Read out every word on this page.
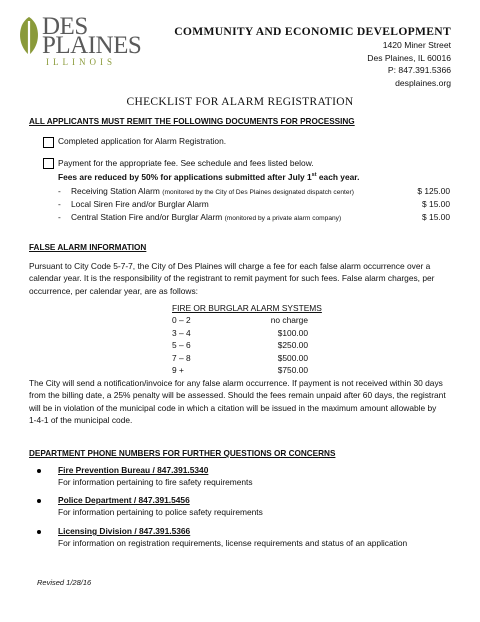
DES
PLAINES
ILLINOIS
COMMUNITY AND ECONOMIC DEVELOPMENT
1420 Miner Street
Des Plaines, IL 60016
P: 847.391.5366
desplaines.org
CHECKLIST FOR ALARM REGISTRATION
ALL APPLICANTS MUST REMIT THE FOLLOWING DOCUMENTS FOR PROCESSING
Completed application for Alarm Registration.
Payment for the appropriate fee. See schedule and fees listed below.
Fees are reduced by 50% for applications submitted after July 1st each year.
- Receiving Station Alarm (monitored by the City of Des Plaines designated dispatch center)	$ 125.00
- Local Siren Fire and/or Burglar Alarm	$ 15.00
- Central Station Fire and/or Burglar Alarm (monitored by a private alarm company)	$ 15.00
FALSE ALARM INFORMATION
Pursuant to City Code 5-7-7, the City of Des Plaines will charge a fee for each false alarm occurrence over a
calendar year. It is the responsibility of the registrant to remit payment for such fees. False alarm charges, per
occurrence, per calendar year, are as follows:
FIRE OR BURGLAR ALARM SYSTEMS
0 – 2	no charge
3 – 4	$100.00
5 – 6	$250.00
7 – 8	$500.00
9 +	$750.00
The City will send a notification/invoice for any false alarm occurrence. If payment is not received within 30 days
from the billing date, a 25% penalty will be assessed. Should the fees remain unpaid after 60 days, the registrant
will be in violation of the municipal code in which a citation will be issued in the maximum amount allowable by
1-4-1 of the municipal code.
DEPARTMENT PHONE NUMBERS FOR FURTHER QUESTIONS OR CONCERNS
Fire Prevention Bureau / 847.391.5340
For information pertaining to fire safety requirements
Police Department / 847.391.5456
For information pertaining to police safety requirements
Licensing Division / 847.391.5366
For information on registration requirements, license requirements and status of an application
Revised 1/28/16
